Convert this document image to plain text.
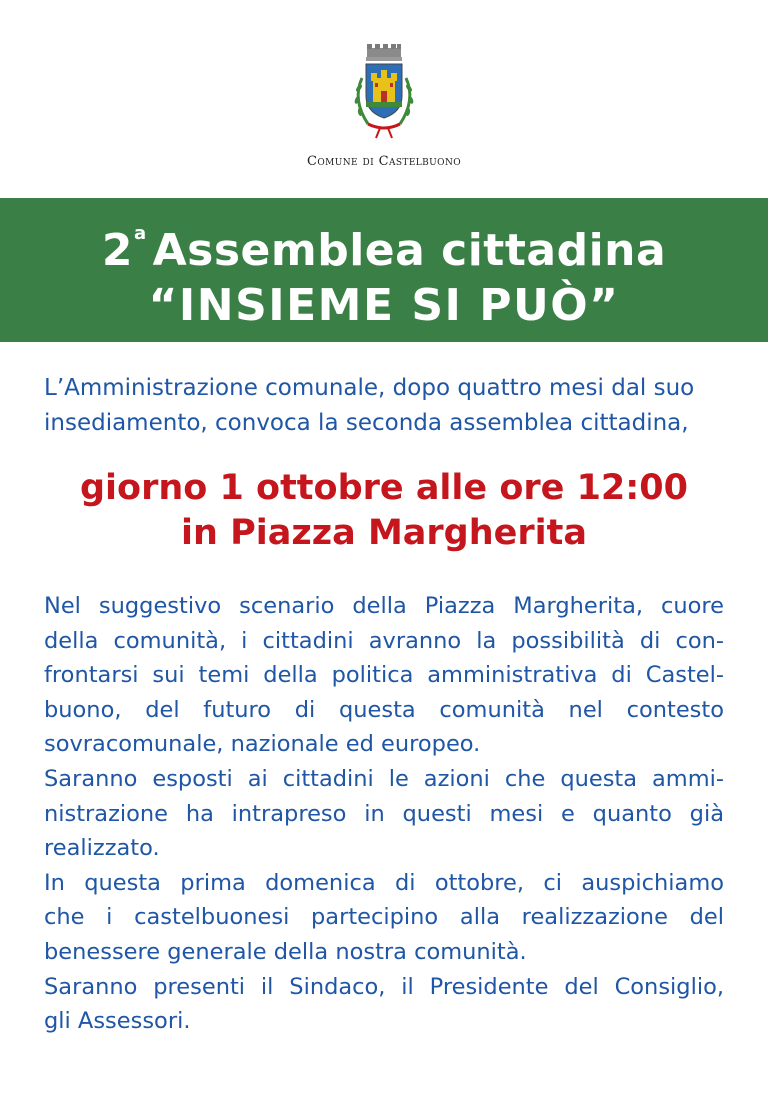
Comune di Castelbuono
2$^a$ Assemblea cittadina
“INSIEME SI PUÒ”
L’Amministrazione comunale, dopo quattro mesi dal suo
insediamento, convoca la seconda assemblea cittadina,
giorno 1 ottobre alle ore 12:00
in Piazza Margherita
Nel suggestivo scenario della Piazza Margherita, cuore
della comunità, i cittadini avranno la possibilità di con-
frontarsi sui temi della politica amministrativa di Castel-
buono, del futuro di questa comunità nel contesto
sovracomunale, nazionale ed europeo.
Saranno esposti ai cittadini le azioni che questa ammi-
nistrazione ha intrapreso in questi mesi e quanto già
realizzato.
In questa prima domenica di ottobre, ci auspichiamo
che i castelbuonesi partecipino alla realizzazione del
benessere generale della nostra comunità.
Saranno presenti il Sindaco, il Presidente del Consiglio,
gli Assessori.
